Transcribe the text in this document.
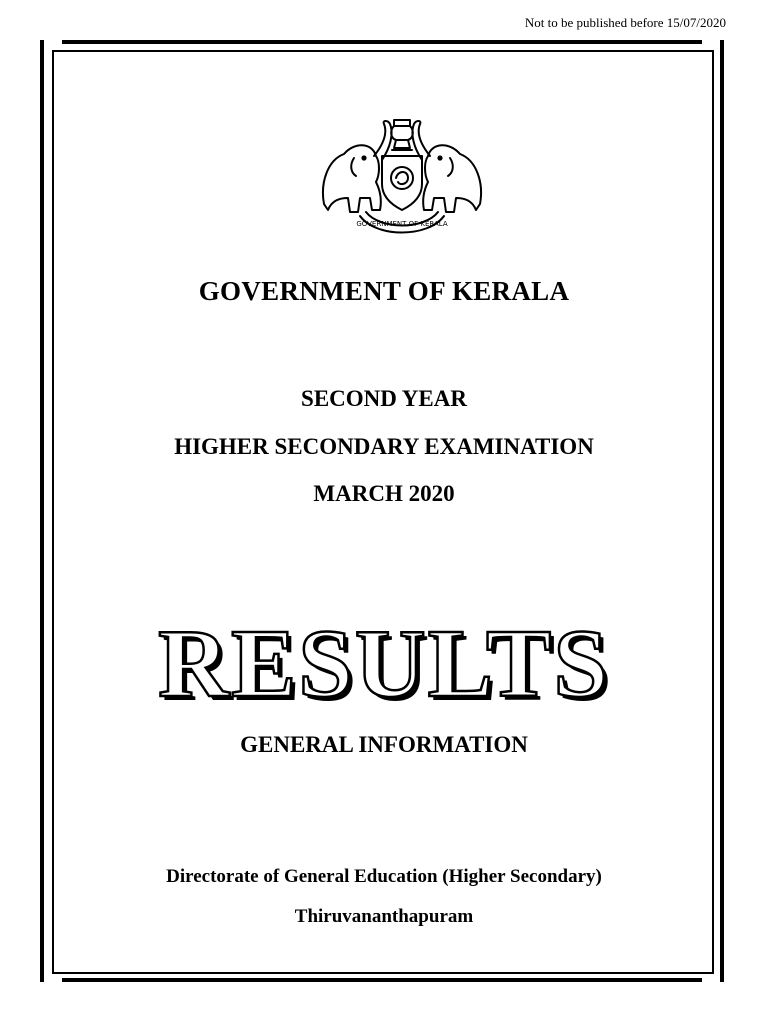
Not to be published before 15/07/2020
GOVERNMENT OF KERALA
GOVERNMENT OF KERALA
SECOND YEAR
HIGHER SECONDARY EXAMINATION
MARCH 2020
RESULTS
GENERAL INFORMATION
Directorate of General Education (Higher Secondary)
Thiruvananthapuram
